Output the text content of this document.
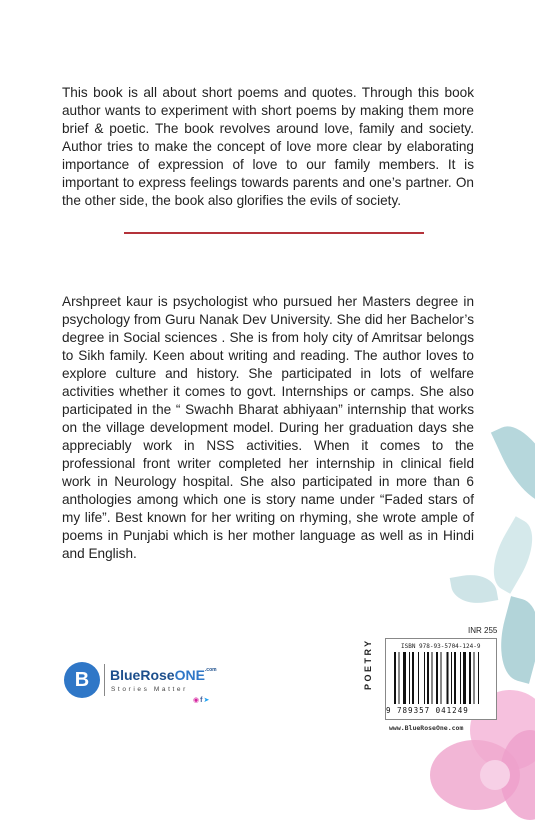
This book is all about short poems and quotes. Through this book author wants to experiment with short poems by making them more brief & poetic. The book revolves around love, family and society. Author tries to make the concept of love more clear by elaborating importance of expression of love to our family members. It is important to express feelings towards parents and one’s partner. On the other side, the book also glorifies the evils of society.

Arshpreet kaur is psychologist who pursued her Masters degree in psychology from Guru Nanak Dev University. She did her Bachelor’s degree in Social sciences . She is from holy city of Amritsar belongs to Sikh family. Keen about writing and reading. The author loves to explore culture and history. She participated in lots of welfare activities whether it comes to govt. Internships or camps. She also participated in the “ Swachh Bharat abhiyaan” internship that works on the village development model. During her graduation days she appreciably work in NSS activities. When it comes to the professional front writer completed her internship in clinical field work in Neurology hospital. She also participated in more than 6 anthologies among which one is story name under “Faded stars of my life”. Best known for her writing on rhyming, she wrote ample of poems in Punjabi which is her mother language as well as in Hindi and English.

B	BlueRoseONE$^{.com}$
Stories Matter
◉f➤
INR 255
POETRY	ISBN 978-93-5704-124-9
9 789357 041249
www.BlueRoseOne.com
